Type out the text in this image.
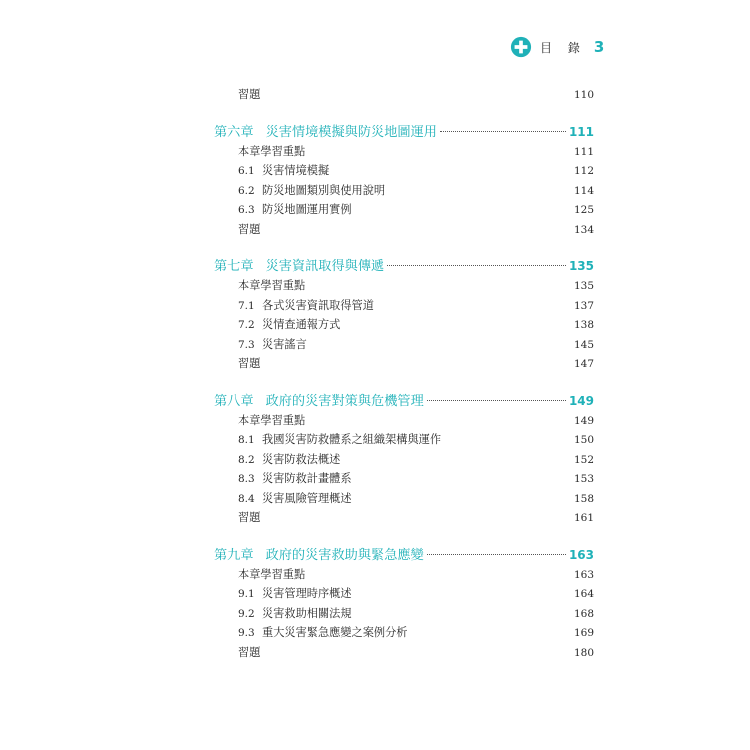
目 錄 3
習題	110
第六章 災害情境模擬與防災地圖運用	111
本章學習重點	111
6.1 災害情境模擬	112
6.2 防災地圖類別與使用說明	114
6.3 防災地圖運用實例	125
習題	134
第七章 災害資訊取得與傳遞	135
本章學習重點	135
7.1 各式災害資訊取得管道	137
7.2 災情查通報方式	138
7.3 災害謠言	145
習題	147
第八章 政府的災害對策與危機管理	149
本章學習重點	149
8.1 我國災害防救體系之組織架構與運作	150
8.2 災害防救法概述	152
8.3 災害防救計畫體系	153
8.4 災害風險管理概述	158
習題	161
第九章 政府的災害救助與緊急應變	163
本章學習重點	163
9.1 災害管理時序概述	164
9.2 災害救助相關法規	168
9.3 重大災害緊急應變之案例分析	169
習題	180
